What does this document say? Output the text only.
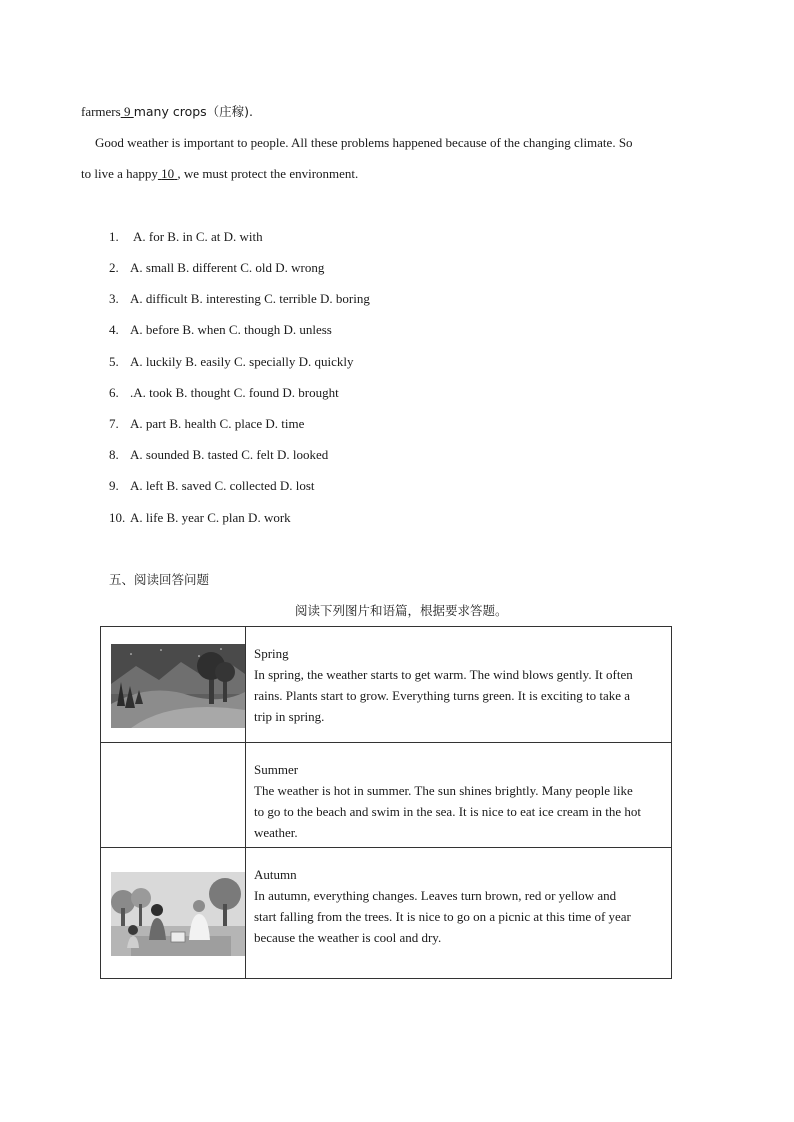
farmers 9 many crops（庄稼).
Good weather is important to people. All these problems happened because of the changing climate. So
to live a happy 10 , we must protect the environment.
1. A. for B. in C. at D. with
2. A. small B. different C. old D. wrong
3. A. difficult B. interesting C. terrible D. boring
4. A. before B. when C. though D. unless
5. A. luckily B. easily C. specially D. quickly
6. .A. took B. thought C. found D. brought
7. A. part B. health C. place D. time
8. A. sounded B. tasted C. felt D. looked
9. A. left B. saved C. collected D. lost
10. A. life B. year C. plan D. work
五、阅读回答问题
阅读下列图片和语篇，根据要求答题。

Spring
In spring, the weather starts to get warm. The wind blows gently. It often
rains. Plants start to grow. Everything turns green. It is exciting to take a
trip in spring.

	Summer
The weather is hot in summer. The sun shines brightly. Many people like
to go to the beach and swim in the sea. It is nice to eat ice cream in the hot
weather.

Autumn
In autumn, everything changes. Leaves turn brown, red or yellow and
start falling from the trees. It is nice to go on a picnic at this time of year
because the weather is cool and dry.
